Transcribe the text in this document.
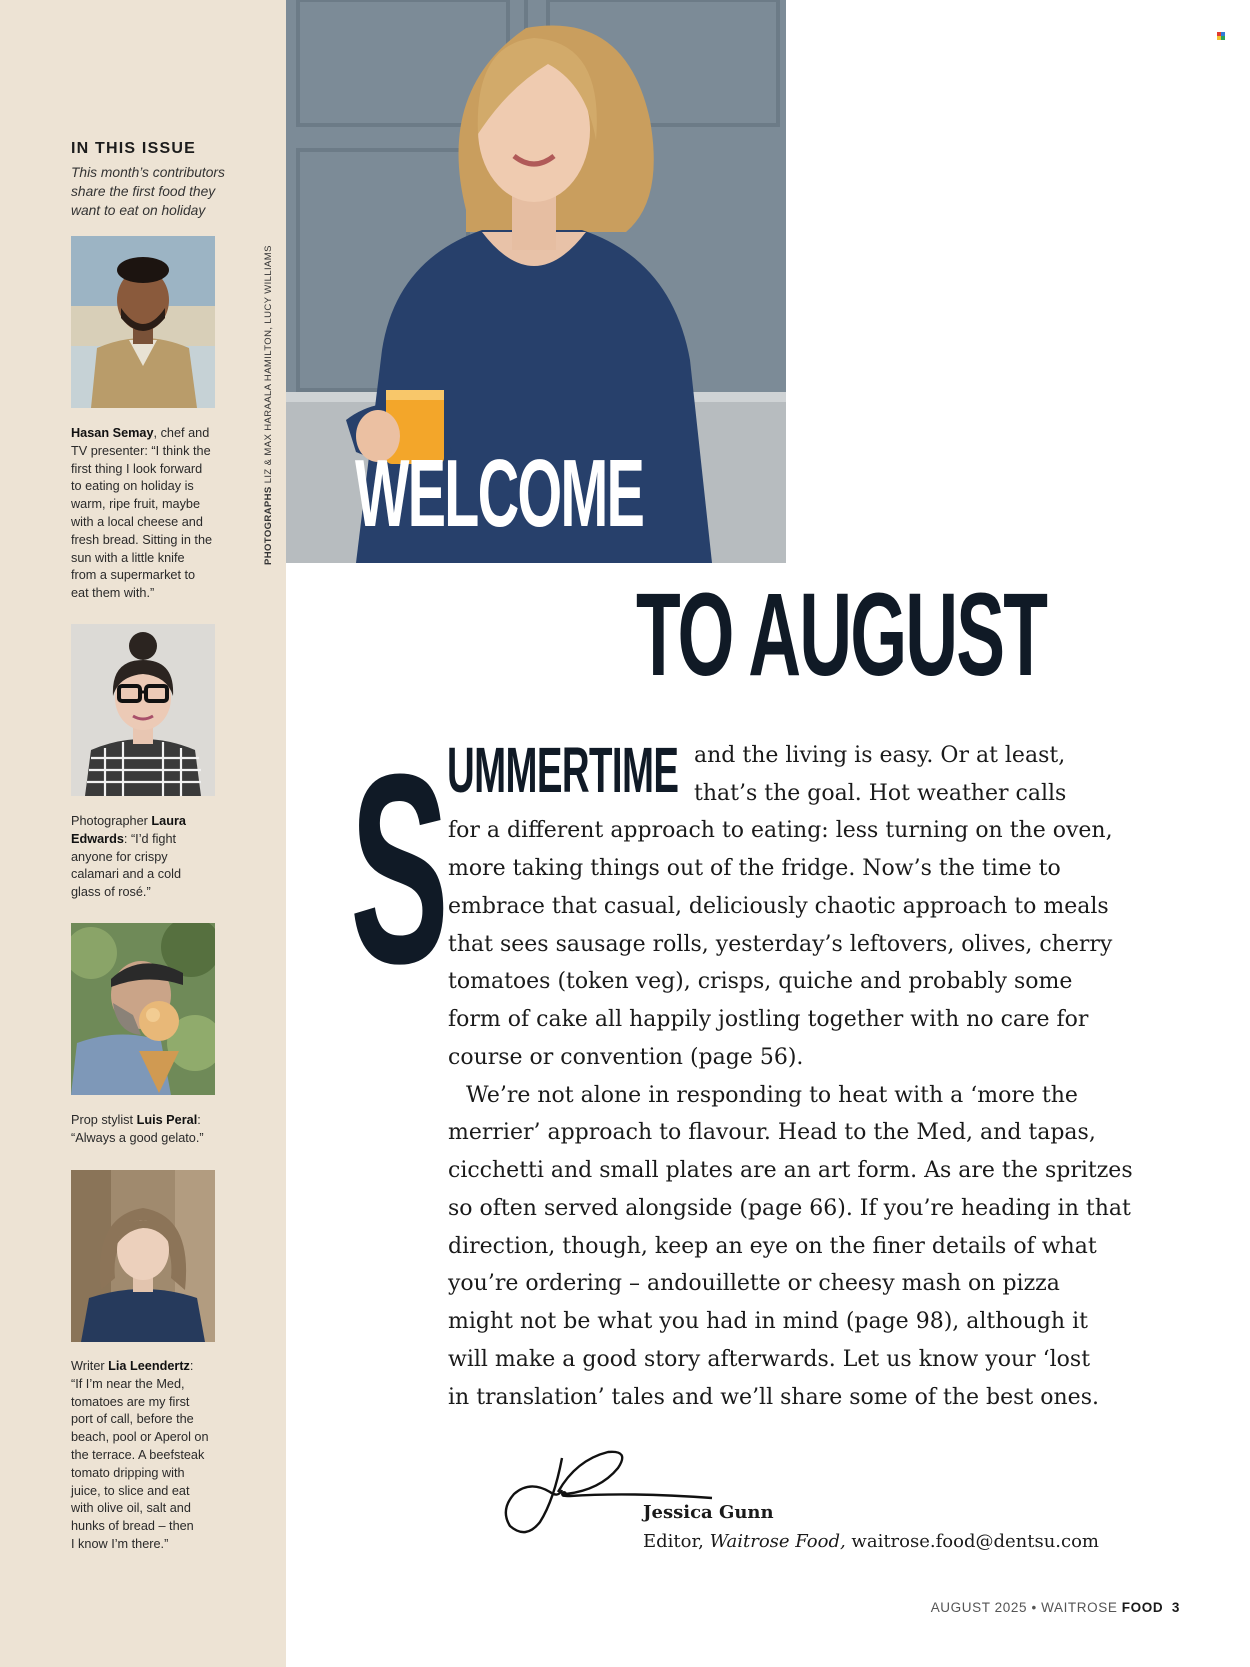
IN THIS ISSUE
This month’s contributors
share the first food they
want to eat on holiday
Hasan Semay, chef and
TV presenter: “I think the
first thing I look forward
to eating on holiday is
warm, ripe fruit, maybe
with a local cheese and
fresh bread. Sitting in the
sun with a little knife
from a supermarket to
eat them with.”
Photographer Laura
Edwards: “I’d fight
anyone for crispy
calamari and a cold
glass of rosé.”
Prop stylist Luis Peral:
“Always a good gelato.”
Writer Lia Leendertz:
“If I’m near the Med,
tomatoes are my first
port of call, before the
beach, pool or Aperol on
the terrace. A beefsteak
tomato dripping with
juice, to slice and eat
with olive oil, salt and
hunks of bread – then
I know I’m there.”
PHOTOGRAPHS LIZ & MAX HARAALA HAMILTON, LUCY WILLIAMS
WELCOME
TO AUGUST
S
UMMERTIME and the living is easy. Or at least,
that’s the goal. Hot weather calls
for a different approach to eating: less turning on the oven,
more taking things out of the fridge. Now’s the time to
embrace that casual, deliciously chaotic approach to meals
that sees sausage rolls, yesterday’s leftovers, olives, cherry
tomatoes (token veg), crisps, quiche and probably some
form of cake all happily jostling together with no care for
course or convention (page 56).
We’re not alone in responding to heat with a ‘more the
merrier’ approach to flavour. Head to the Med, and tapas,
cicchetti and small plates are an art form. As are the spritzes
so often served alongside (page 66). If you’re heading in that
direction, though, keep an eye on the finer details of what
you’re ordering – andouillette or cheesy mash on pizza
might not be what you had in mind (page 98), although it
will make a good story afterwards. Let us know your ‘lost
in translation’ tales and we’ll share some of the best ones.
Jessica Gunn
Editor, Waitrose Food, waitrose.food@dentsu.com
AUGUST 2025 • WAITROSE FOOD 3
